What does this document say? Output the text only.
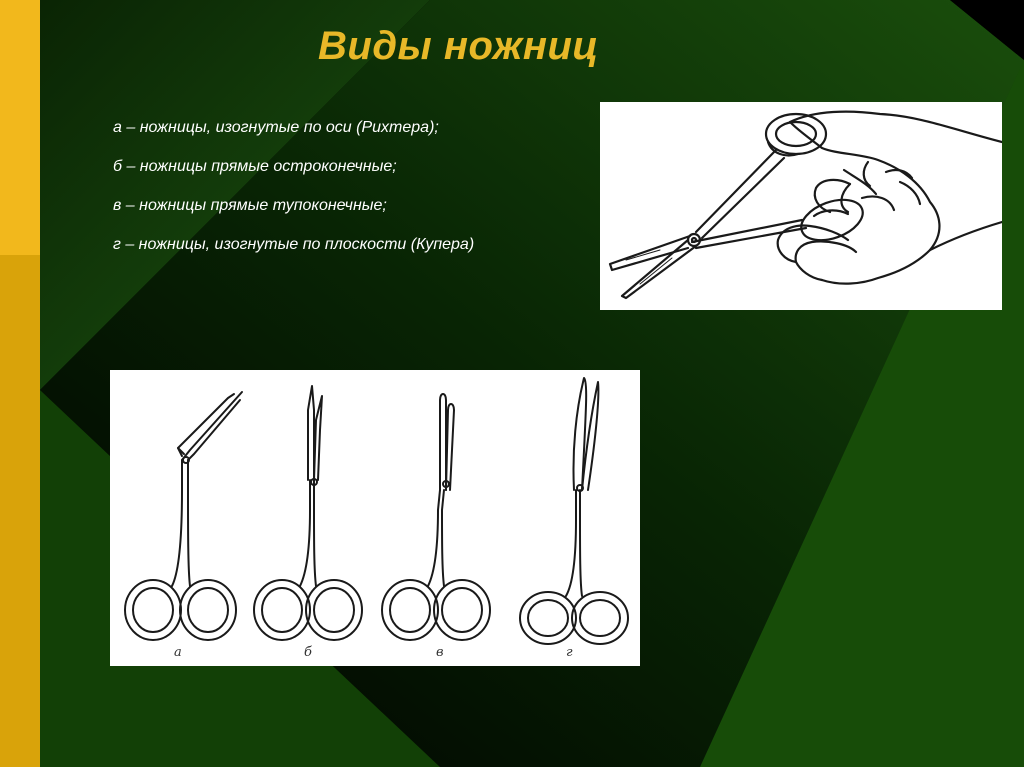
Виды ножниц
а – ножницы, изогнутые по оси (Рихтера);
б – ножницы прямые остроконечные;
в – ножницы прямые тупоконечные;
г – ножницы, изогнутые по плоскости (Купера)
а	б	в	г
